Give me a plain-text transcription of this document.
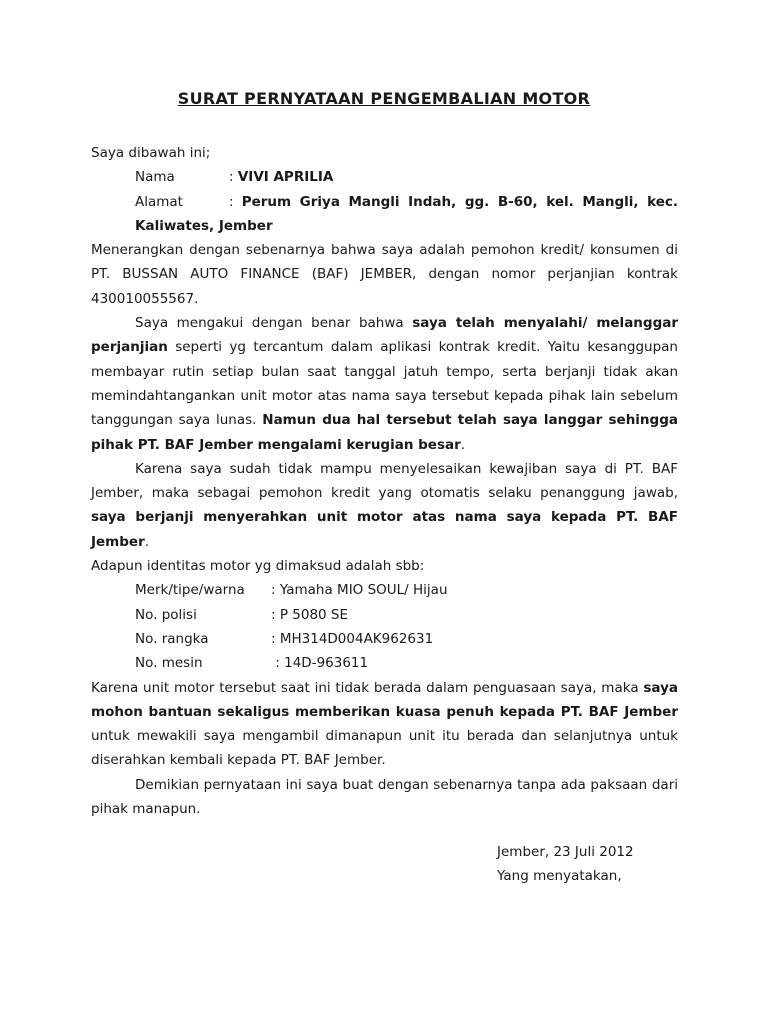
SURAT PERNYATAAN PENGEMBALIAN MOTOR

Saya dibawah ini;

Nama	: VIVI APRILIA

Alamat	: Perum Griya Mangli Indah, gg. B-60, kel. Mangli, kec. Kaliwates, Jember

Menerangkan dengan sebenarnya bahwa saya adalah pemohon kredit/ konsumen di PT. BUSSAN AUTO FINANCE (BAF) JEMBER, dengan nomor perjanjian kontrak 430010055567.

Saya mengakui dengan benar bahwa saya telah menyalahi/ melanggar perjanjian seperti yg tercantum dalam aplikasi kontrak kredit. Yaitu kesanggupan membayar rutin setiap bulan saat tanggal jatuh tempo, serta berjanji tidak akan memindahtangankan unit motor atas nama saya tersebut kepada pihak lain sebelum tanggungan saya lunas. Namun dua hal tersebut telah saya langgar sehingga pihak PT. BAF Jember mengalami kerugian besar.

Karena saya sudah tidak mampu menyelesaikan kewajiban saya di PT. BAF Jember, maka sebagai pemohon kredit yang otomatis selaku penanggung jawab, saya berjanji menyerahkan unit motor atas nama saya kepada PT. BAF Jember.

Adapun identitas motor yg dimaksud adalah sbb:

Merk/tipe/warna	: Yamaha MIO SOUL/ Hijau
No. polisi	: P 5080 SE
No. rangka	: MH314D004AK962631
No. mesin	: 14D-963611

Karena unit motor tersebut saat ini tidak berada dalam penguasaan saya, maka saya mohon bantuan sekaligus memberikan kuasa penuh kepada PT. BAF Jember untuk mewakili saya mengambil dimanapun unit itu berada dan selanjutnya untuk diserahkan kembali kepada PT. BAF Jember.

Demikian pernyataan ini saya buat dengan sebenarnya tanpa ada paksaan dari pihak manapun.

Jember, 23 Juli 2012
Yang menyatakan,
